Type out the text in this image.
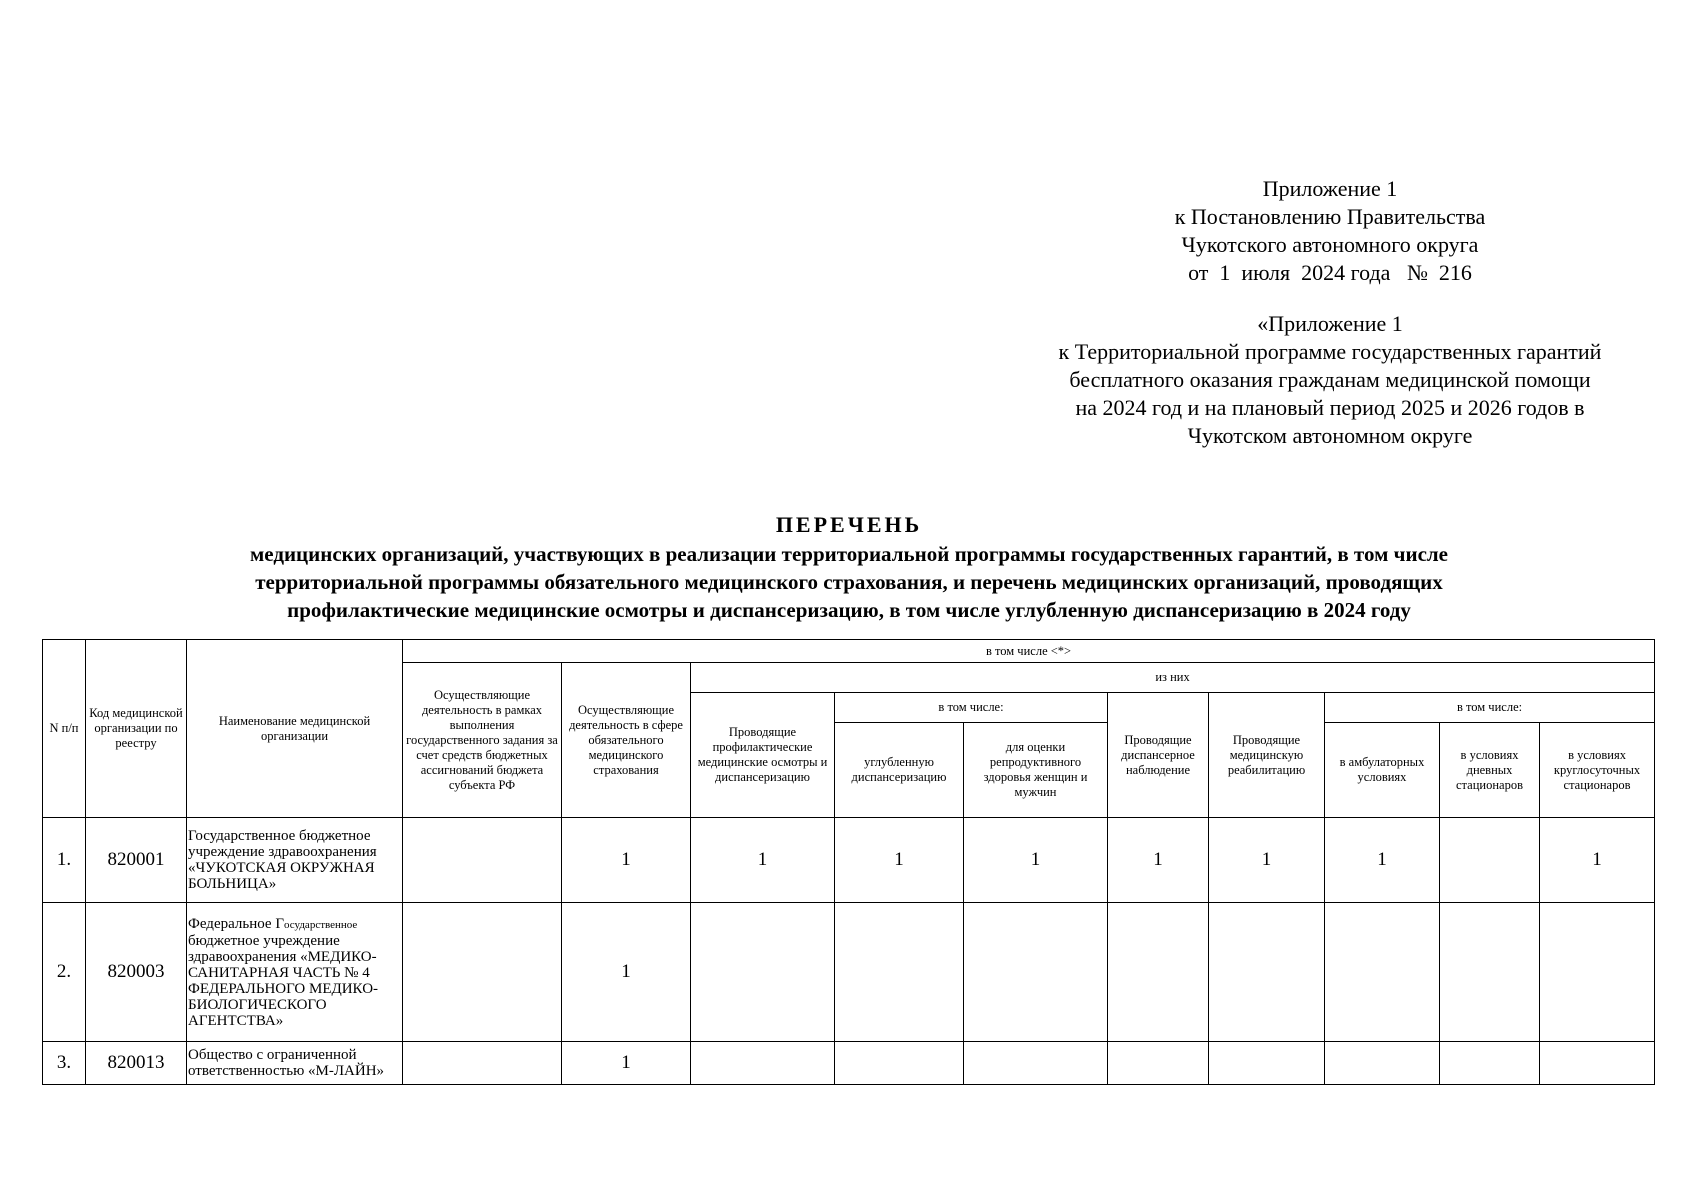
Приложение 1
к Постановлению Правительства
Чукотского автономного округа
от  1  июля  2024 года   №  216
«Приложение 1
к Территориальной программе государственных гарантий
бесплатного оказания гражданам медицинской помощи
на 2024 год и на плановый период 2025 и 2026 годов в
Чукотском автономном округе
ПЕРЕЧЕНЬ
медицинских организаций, участвующих в реализации территориальной программы государственных гарантий, в том числе
территориальной программы обязательного медицинского страхования, и перечень медицинских организаций, проводящих
профилактические медицинские осмотры и диспансеризацию, в том числе углубленную диспансеризацию в 2024 году
N п/п	Код медицинской организации по реестру	Наименование медицинской организации	в том числе <*>									
			Осуществляющие деятельность в рамках выполнения государственного задания за счет средств бюджетных ассигнований бюджета субъекта РФ	Осуществляющие деятельность в сфере обязательного медицинского страхования	из них							
					Проводящие профилактические медицинские осмотры и диспансеризацию	в том числе:		Проводящие диспансерное наблюдение	Проводящие медицинскую реабилитацию	в том числе:		
						углубленную диспансеризацию	для оценки репродуктивного здоровья женщин и мужчин			в амбулаторных условиях	в условиях дневных стационаров	в условиях круглосуточных стационаров
1.	820001	Государственное бюджетное учреждение здравоохранения «ЧУКОТСКАЯ ОКРУЖНАЯ БОЛЬНИЦА»		1	1	1	1	1	1	1		1
2.	820003	Федеральное Государственное бюджетное учреждение здравоохранения «МЕДИКО-САНИТАРНАЯ ЧАСТЬ № 4 ФЕДЕРАЛЬНОГО МЕДИКО-БИОЛОГИЧЕСКОГО АГЕНТСТВА»		1								
3.	820013	Общество с ограниченной ответственностью «М-ЛАЙН»		1								
